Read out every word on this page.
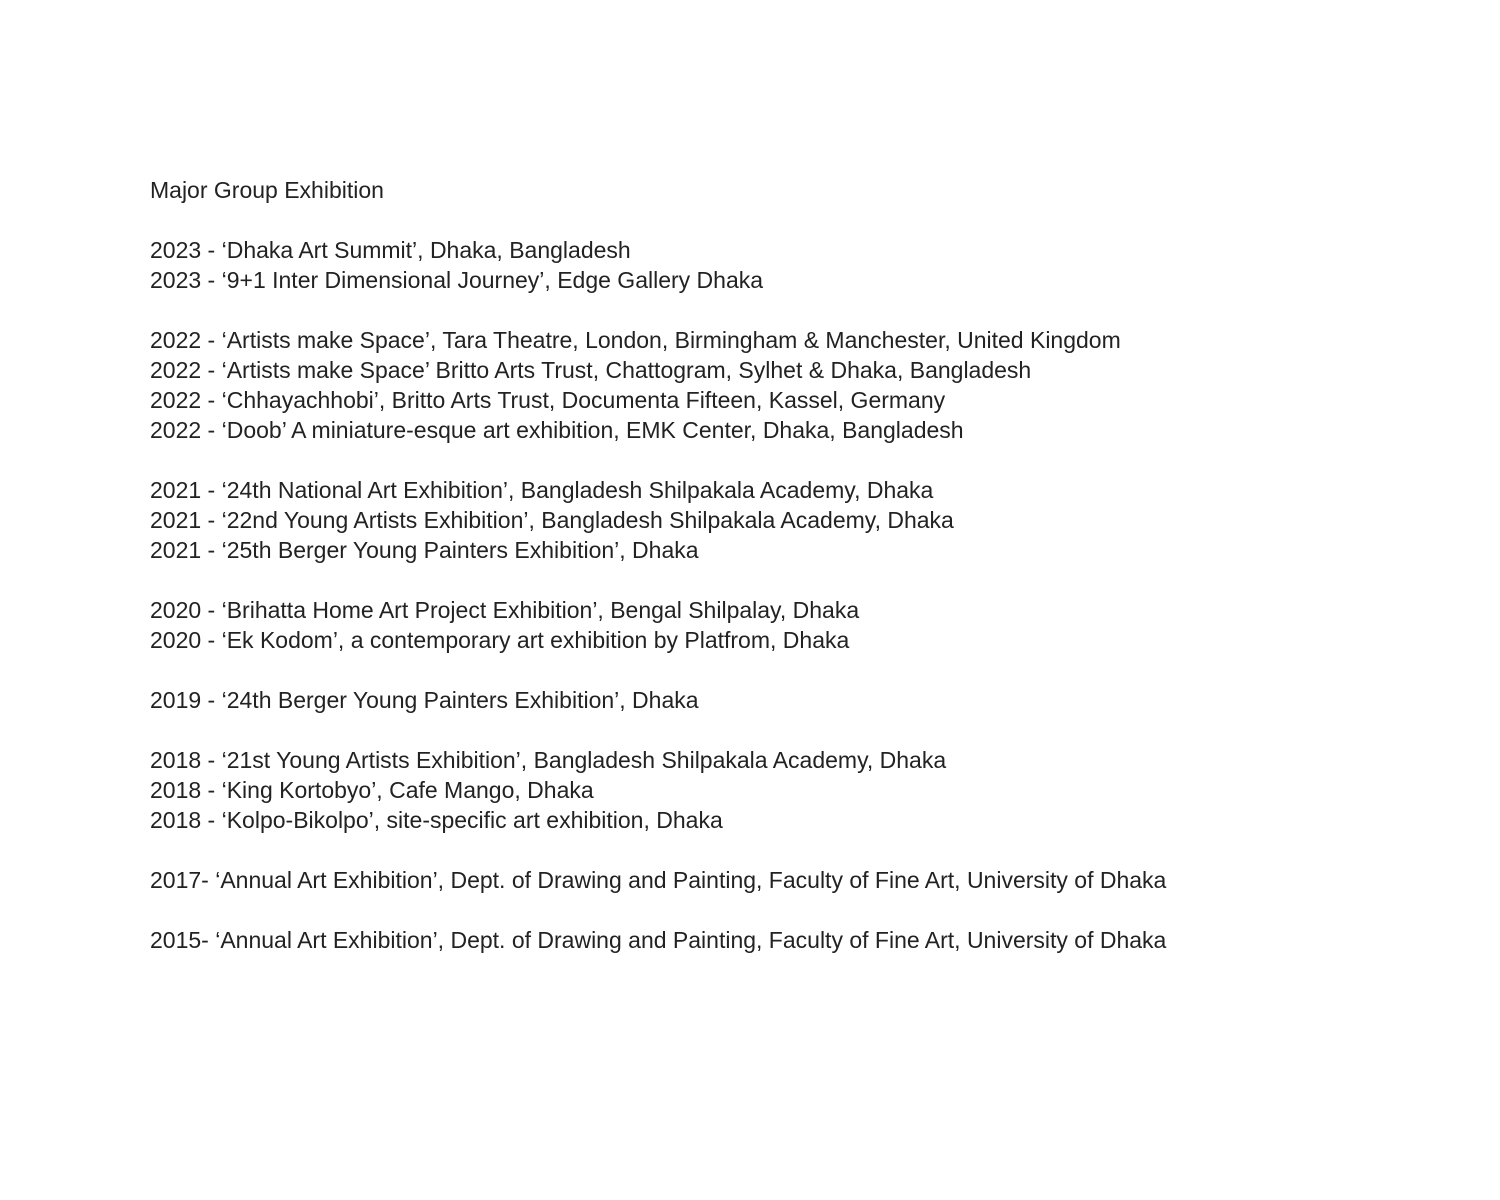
Major Group Exhibition
2023 - ‘Dhaka Art Summit’, Dhaka, Bangladesh
2023 - ‘9+1 Inter Dimensional Journey’, Edge Gallery Dhaka
2022 - ‘Artists make Space’, Tara Theatre, London, Birmingham & Manchester, United Kingdom
2022 - ‘Artists make Space’ Britto Arts Trust, Chattogram, Sylhet & Dhaka, Bangladesh
2022 - ‘Chhayachhobi’, Britto Arts Trust, Documenta Fifteen, Kassel, Germany
2022 - ‘Doob’ A miniature-esque art exhibition, EMK Center, Dhaka, Bangladesh
2021 - ‘24th National Art Exhibition’, Bangladesh Shilpakala Academy, Dhaka
2021 - ‘22nd Young Artists Exhibition’, Bangladesh Shilpakala Academy, Dhaka
2021 - ‘25th Berger Young Painters Exhibition’, Dhaka
2020 - ‘Brihatta Home Art Project Exhibition’, Bengal Shilpalay, Dhaka
2020 - ‘Ek Kodom’, a contemporary art exhibition by Platfrom, Dhaka
2019 - ‘24th Berger Young Painters Exhibition’, Dhaka
2018 - ‘21st Young Artists Exhibition’, Bangladesh Shilpakala Academy, Dhaka
2018 - ‘King Kortobyo’, Cafe Mango, Dhaka
2018 - ‘Kolpo-Bikolpo’, site-specific art exhibition, Dhaka
2017- ‘Annual Art Exhibition’, Dept. of Drawing and Painting, Faculty of Fine Art, University of Dhaka
2015- ‘Annual Art Exhibition’, Dept. of Drawing and Painting, Faculty of Fine Art, University of Dhaka
